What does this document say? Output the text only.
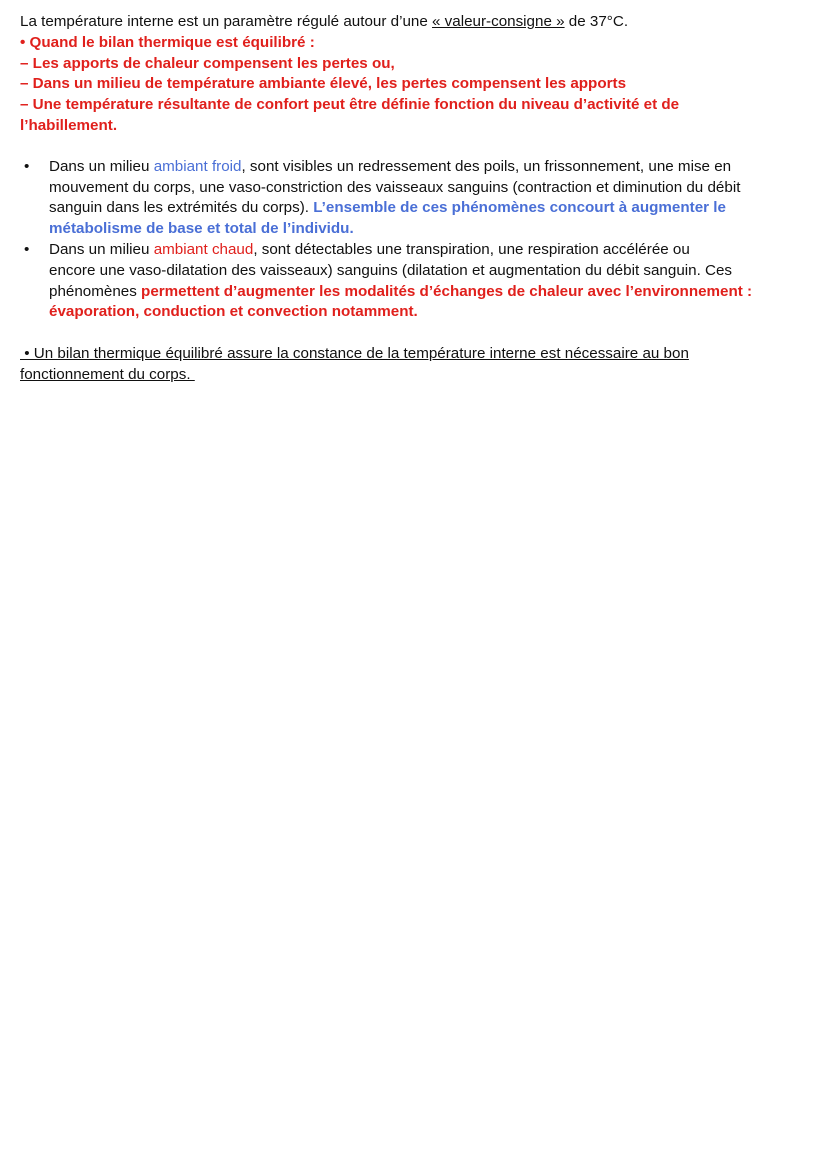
La température interne est un paramètre régulé autour d’une « valeur-consigne » de 37°C.
• Quand le bilan thermique est équilibré :
– Les apports de chaleur compensent les pertes ou,
– Dans un milieu de température ambiante élevé, les pertes compensent les apports
– Une température résultante de confort peut être définie fonction du niveau d’activité et de
l’habillement.
• Dans un milieu ambiant froid, sont visibles un redressement des poils, un frissonnement, une mise en
mouvement du corps, une vaso-constriction des vaisseaux sanguins (contraction et diminution du débit
sanguin dans les extrémités du corps). L’ensemble de ces phénomènes concourt à augmenter le
métabolisme de base et total de l’individu.
• Dans un milieu ambiant chaud, sont détectables une transpiration, une respiration accélérée ou
encore une vaso-dilatation des vaisseaux) sanguins (dilatation et augmentation du débit sanguin. Ces
phénomènes permettent d’augmenter les modalités d’échanges de chaleur avec l’environnement :
évaporation, conduction et convection notamment.
• Un bilan thermique équilibré assure la constance de la température interne est nécessaire au bon
fonctionnement du corps.
